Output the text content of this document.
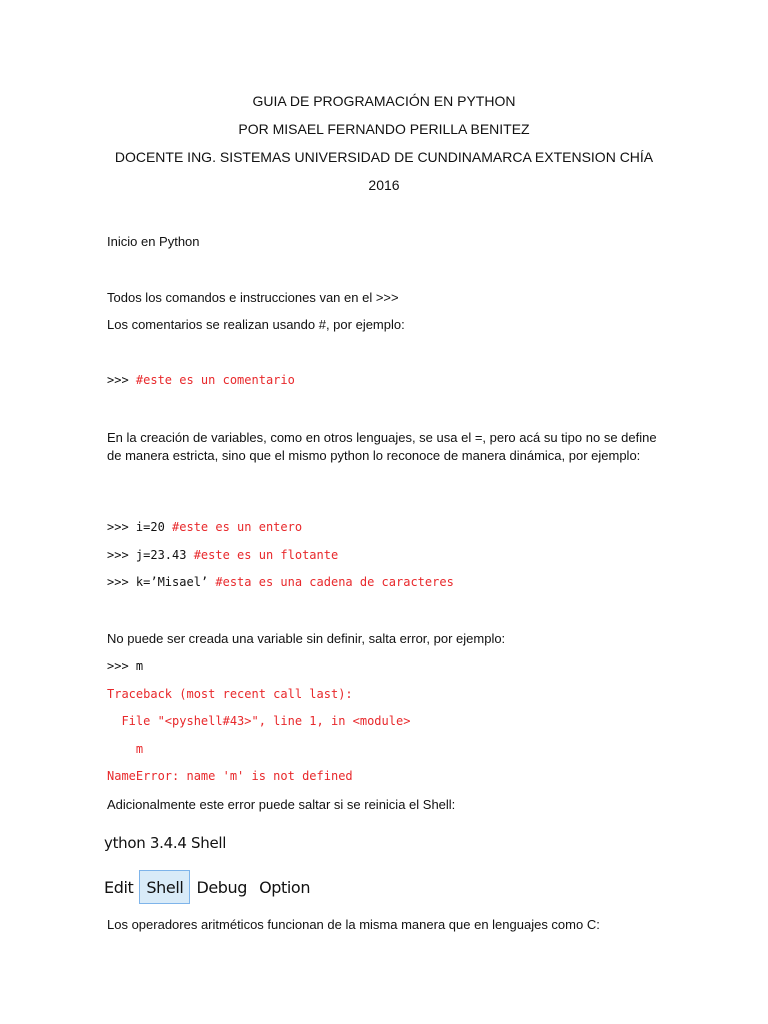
GUIA DE PROGRAMACIÓN EN PYTHON
POR MISAEL FERNANDO PERILLA BENITEZ
DOCENTE ING. SISTEMAS UNIVERSIDAD DE CUNDINAMARCA EXTENSION CHÍA
2016
Inicio en Python
Todos los comandos e instrucciones van en el >>>
Los comentarios se realizan usando #, por ejemplo:
>>> #este es un comentario
En la creación de variables, como en otros lenguajes, se usa el =, pero acá su tipo no se define de manera estricta, sino que el mismo python lo reconoce de manera dinámica, por ejemplo:
>>> i=20 #este es un entero
>>> j=23.43 #este es un flotante
>>> k=’Misael’ #esta es una cadena de caracteres
No puede ser creada una variable sin definir, salta error, por ejemplo:
>>> m
Traceback (most recent call last):
File "<pyshell#43>", line 1, in <module>
m
NameError: name 'm' is not defined
Adicionalmente este error puede saltar si se reinicia el Shell:
ython 3.4.4 Shell
Edit Shell Debug Option
Los operadores aritméticos funcionan de la misma manera que en lenguajes como C:
